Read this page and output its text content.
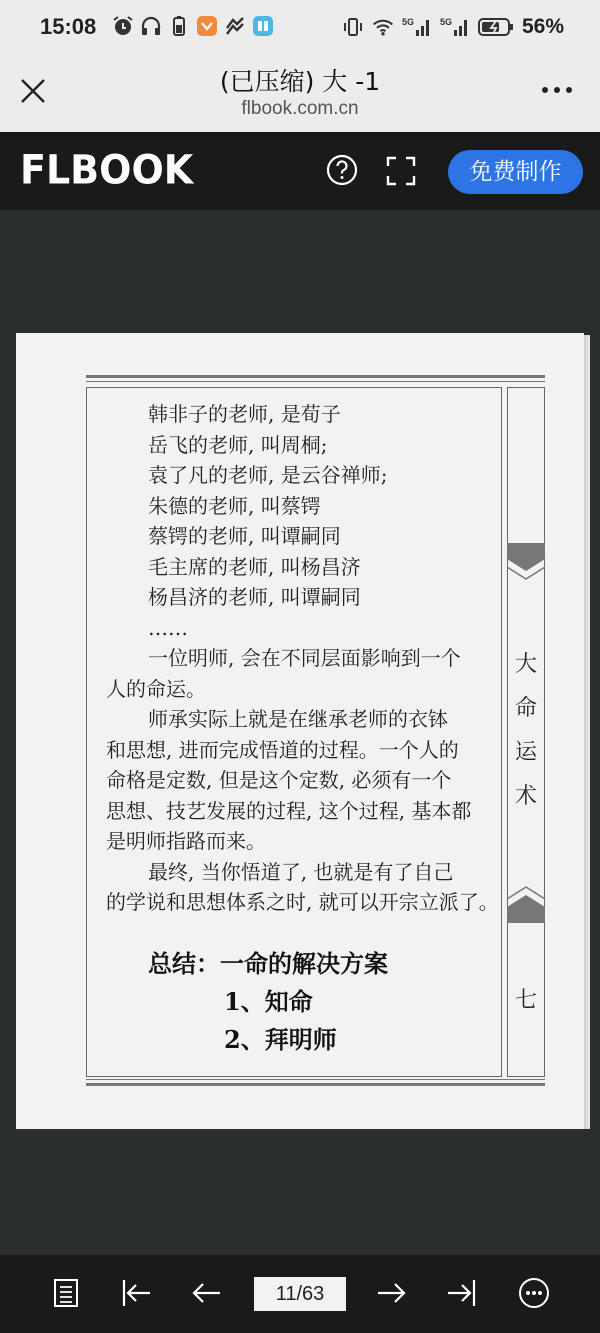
15:08	5G	5G	56%
(已压缩) 大 -1
flbook.com.cn
FLBOOK	免费制作
韩非子的老师, 是荀子
岳飞的老师, 叫周桐;
袁了凡的老师, 是云谷禅师;
朱德的老师, 叫蔡锷
蔡锷的老师, 叫谭嗣同
毛主席的老师, 叫杨昌济
杨昌济的老师, 叫谭嗣同
……
一位明师, 会在不同层面影响到一个
人的命运。
师承实际上就是在继承老师的衣钵
和思想, 进而完成悟道的过程。一个人的
命格是定数, 但是这个定数, 必须有一个
思想、技艺发展的过程, 这个过程, 基本都
是明师指路而来。
最终, 当你悟道了, 也就是有了自己
的学说和思想体系之时, 就可以开宗立派了。
总结：一命的解决方案
1、知命
2、拜明师
大
命
运
术
七
11/63
